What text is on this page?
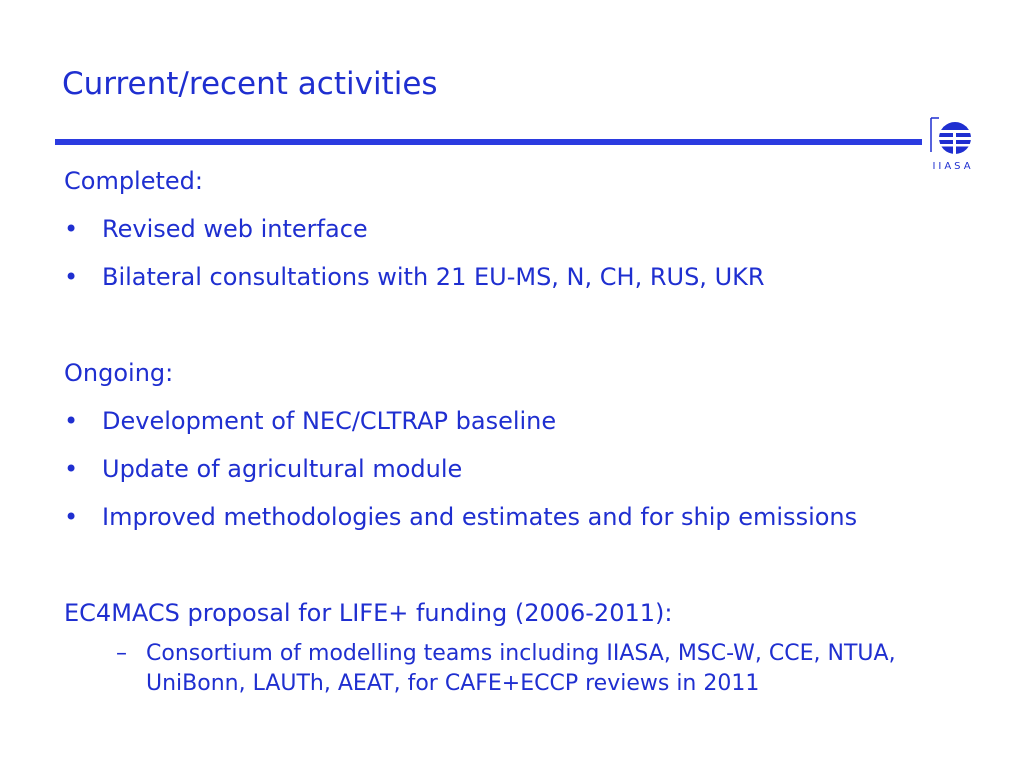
Current/recent activities
IIASA
Completed:
• Revised web interface
• Bilateral consultations with 21 EU-MS, N, CH, RUS, UKR
Ongoing:
• Development of NEC/CLTRAP baseline
• Update of agricultural module
• Improved methodologies and estimates and for ship emissions
EC4MACS proposal for LIFE+ funding (2006-2011):
– Consortium of modelling teams including IIASA, MSC-W, CCE, NTUA, UniBonn, LAUTh, AEAT, for CAFE+ECCP reviews in 2011
